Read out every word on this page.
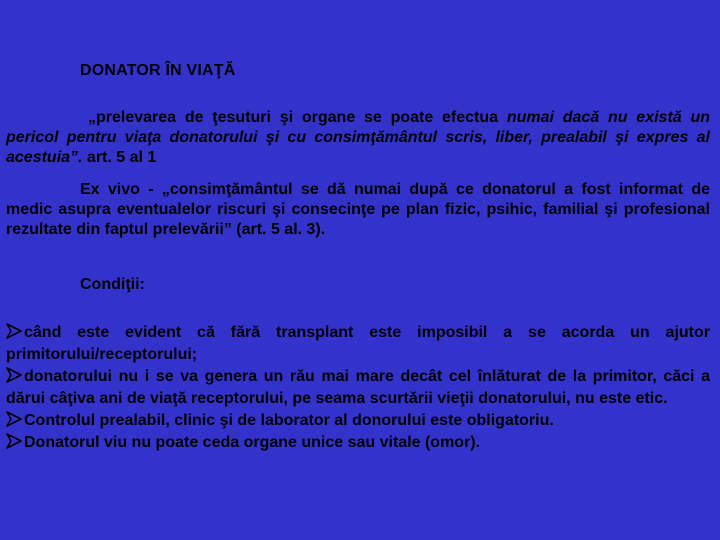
DONATOR ÎN VIAŢĂ
„prelevarea de ţesuturi şi organe se poate efectua numai dacă nu există un pericol pentru viaţa donatorului şi cu consimţământul scris, liber, prealabil şi expres al acestuia”. art. 5 al 1
Ex vivo - „consimţământul se dă numai după ce donatorul a fost informat de medic asupra eventualelor riscuri şi consecinţe pe plan fizic, psihic, familial şi profesional rezultate din faptul prelevării” (art. 5 al. 3).
Condiţii:
când este evident că fără transplant este imposibil a se acorda un ajutor primitorului/receptorului;
donatorului nu i se va genera un rău mai mare decât cel înlăturat de la primitor, căci a dărui câţiva ani de viaţă receptorului, pe seama scurtării vieţii donatorului, nu este etic.
Controlul prealabil, clinic şi de laborator al donorului este obligatoriu.
Donatorul viu nu poate ceda organe unice sau vitale (omor).
